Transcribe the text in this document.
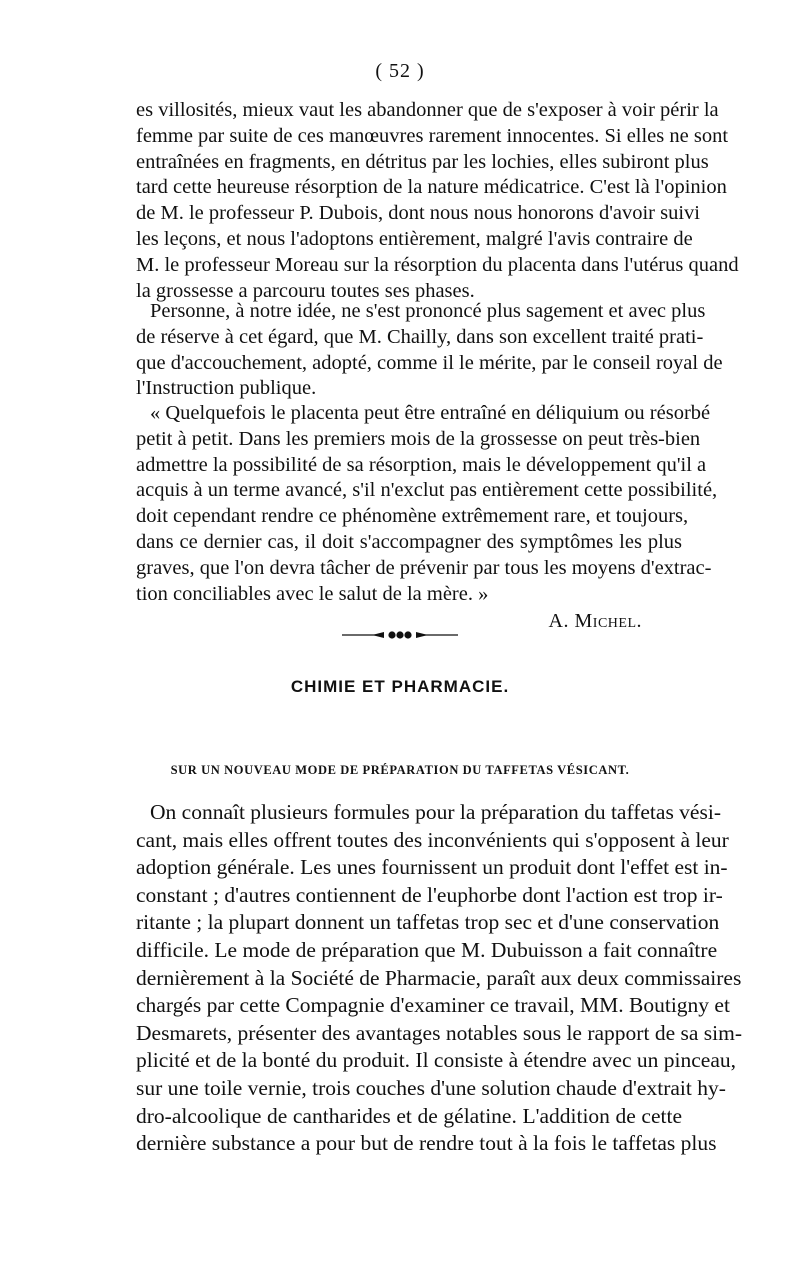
( 52 )
es villosités, mieux vaut les abandonner que de s'exposer à voir périr la
femme par suite de ces manœuvres rarement innocentes. Si elles ne sont
entraînées en fragments, en détritus par les lochies, elles subiront plus
tard cette heureuse résorption de la nature médicatrice. C'est là l'opinion
de M. le professeur P. Dubois, dont nous nous honorons d'avoir suivi
les leçons, et nous l'adoptons entièrement, malgré l'avis contraire de
M. le professeur Moreau sur la résorption du placenta dans l'utérus quand
la grossesse a parcouru toutes ses phases.
Personne, à notre idée, ne s'est prononcé plus sagement et avec plus
de réserve à cet égard, que M. Chailly, dans son excellent traité prati-
que d'accouchement, adopté, comme il le mérite, par le conseil royal de
l'Instruction publique.
« Quelquefois le placenta peut être entraîné en déliquium ou résorbé
petit à petit. Dans les premiers mois de la grossesse on peut très-bien
admettre la possibilité de sa résorption, mais le développement qu'il a
acquis à un terme avancé, s'il n'exclut pas entièrement cette possibilité,
doit cependant rendre ce phénomène extrêmement rare, et toujours,
dans ce dernier cas, il doit s'accompagner des symptômes les plus
graves, que l'on devra tâcher de prévenir par tous les moyens d'extrac-
tion conciliables avec le salut de la mère. »
A. Michel.
CHIMIE ET PHARMACIE.
SUR UN NOUVEAU MODE DE PRÉPARATION DU TAFFETAS VÉSICANT.
On connaît plusieurs formules pour la préparation du taffetas vési-
cant, mais elles offrent toutes des inconvénients qui s'opposent à leur
adoption générale. Les unes fournissent un produit dont l'effet est in-
constant ; d'autres contiennent de l'euphorbe dont l'action est trop ir-
ritante ; la plupart donnent un taffetas trop sec et d'une conservation
difficile. Le mode de préparation que M. Dubuisson a fait connaître
dernièrement à la Société de Pharmacie, paraît aux deux commissaires
chargés par cette Compagnie d'examiner ce travail, MM. Boutigny et
Desmarets, présenter des avantages notables sous le rapport de sa sim-
plicité et de la bonté du produit. Il consiste à étendre avec un pinceau,
sur une toile vernie, trois couches d'une solution chaude d'extrait hy-
dro-alcoolique de cantharides et de gélatine. L'addition de cette
dernière substance a pour but de rendre tout à la fois le taffetas plus
